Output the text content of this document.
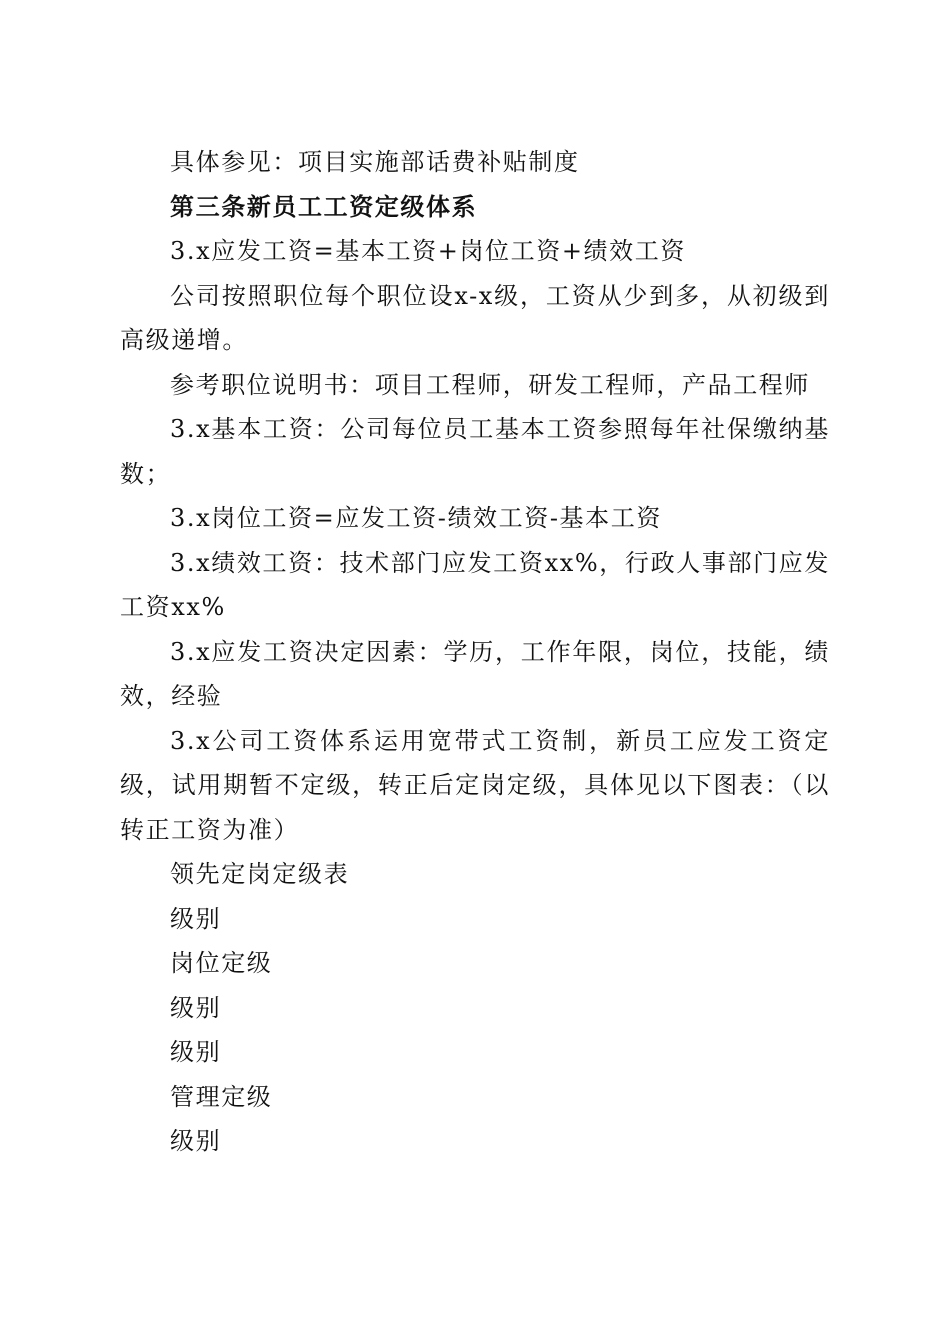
具体参见：项目实施部话费补贴制度

第三条新员工工资定级体系

3.x应发工资=基本工资+岗位工资+绩效工资

公司按照职位每个职位设x-x级，工资从少到多，从初级到高级递增。

参考职位说明书：项目工程师，研发工程师，产品工程师

3.x基本工资：公司每位员工基本工资参照每年社保缴纳基数；

3.x岗位工资=应发工资-绩效工资-基本工资

3.x绩效工资：技术部门应发工资xx%，行政人事部门应发工资xx%

3.x应发工资决定因素：学历，工作年限，岗位，技能，绩效，经验

3.x公司工资体系运用宽带式工资制，新员工应发工资定级，试用期暂不定级，转正后定岗定级，具体见以下图表：（以转正工资为准）

领先定岗定级表

级别

岗位定级

级别

级别

管理定级

级别
